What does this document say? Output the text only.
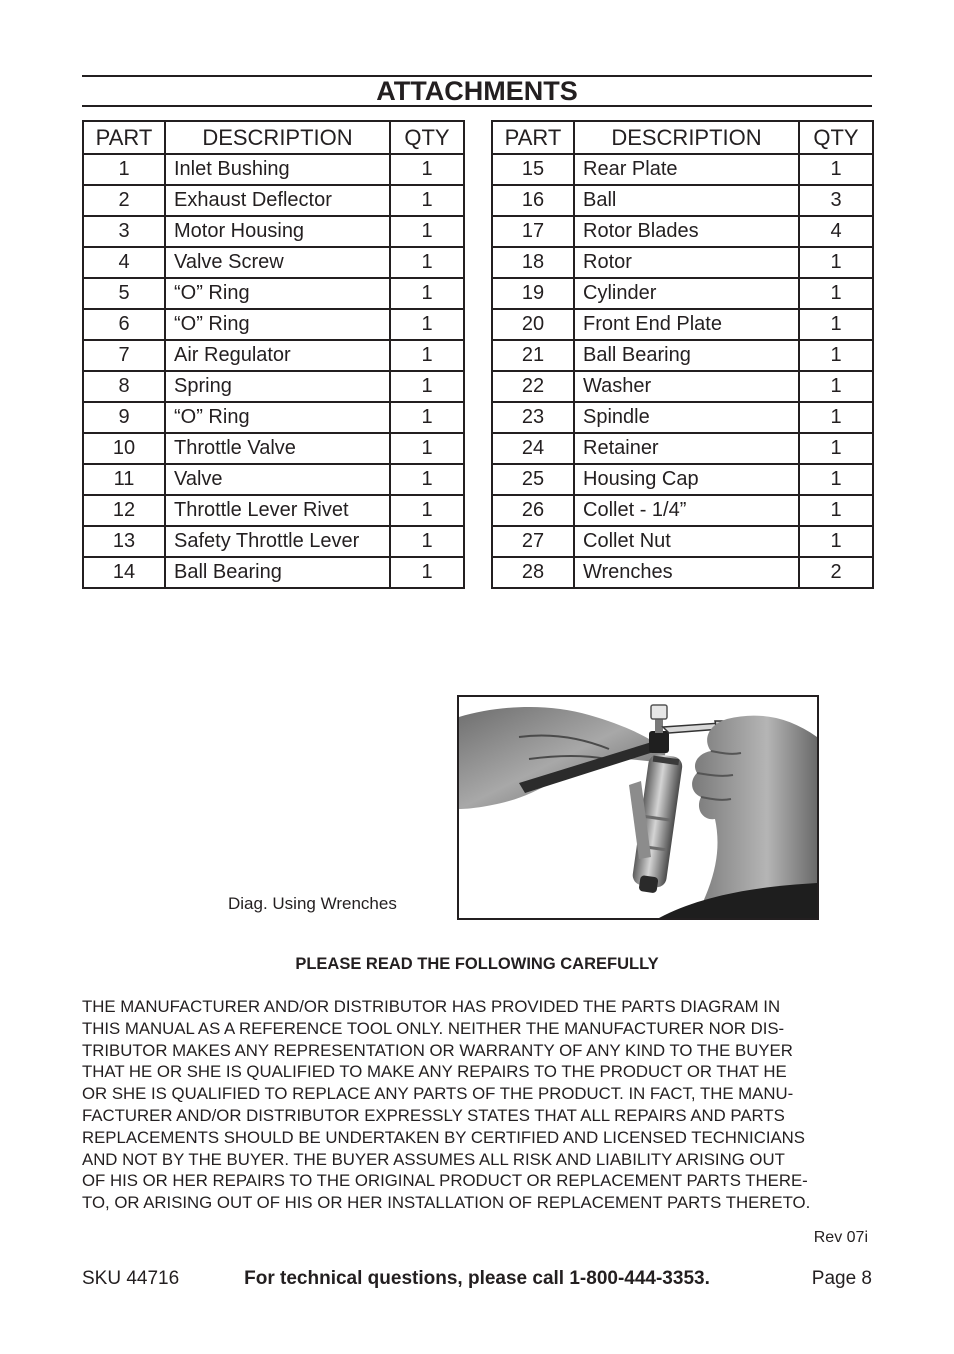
ATTACHMENTS
PART	DESCRIPTION	QTY
1	Inlet Bushing	1
2	Exhaust Deflector	1
3	Motor Housing	1
4	Valve Screw	1
5	“O” Ring	1
6	“O” Ring	1
7	Air Regulator	1
8	Spring	1
9	“O” Ring	1
10	Throttle Valve	1
11	Valve	1
12	Throttle Lever Rivet	1
13	Safety Throttle Lever	1
14	Ball Bearing	1
PART	DESCRIPTION	QTY
15	Rear Plate	1
16	Ball	3
17	Rotor Blades	4
18	Rotor	1
19	Cylinder	1
20	Front End Plate	1
21	Ball Bearing	1
22	Washer	1
23	Spindle	1
24	Retainer	1
25	Housing Cap	1
26	Collet - 1/4”	1
27	Collet Nut	1
28	Wrenches	2
Diag. Using Wrenches
PLEASE READ THE FOLLOWING CAREFULLY
THE MANUFACTURER AND/OR DISTRIBUTOR HAS PROVIDED THE PARTS DIAGRAM IN
THIS MANUAL AS A REFERENCE TOOL ONLY. NEITHER THE MANUFACTURER NOR DIS-
TRIBUTOR MAKES ANY REPRESENTATION OR WARRANTY OF ANY KIND TO THE BUYER
THAT HE OR SHE IS QUALIFIED TO MAKE ANY REPAIRS TO THE PRODUCT OR THAT HE
OR SHE IS QUALIFIED TO REPLACE ANY PARTS OF THE PRODUCT. IN FACT, THE MANU-
FACTURER AND/OR DISTRIBUTOR EXPRESSLY STATES THAT ALL REPAIRS AND PARTS
REPLACEMENTS SHOULD BE UNDERTAKEN BY CERTIFIED AND LICENSED TECHNICIANS
AND NOT BY THE BUYER. THE BUYER ASSUMES ALL RISK AND LIABILITY ARISING OUT
OF HIS OR HER REPAIRS TO THE ORIGINAL PRODUCT OR REPLACEMENT PARTS THERE-
TO, OR ARISING OUT OF HIS OR HER INSTALLATION OF REPLACEMENT PARTS THERETO.
Rev 07i
SKU 44716	For technical questions, please call 1-800-444-3353.	Page 8
